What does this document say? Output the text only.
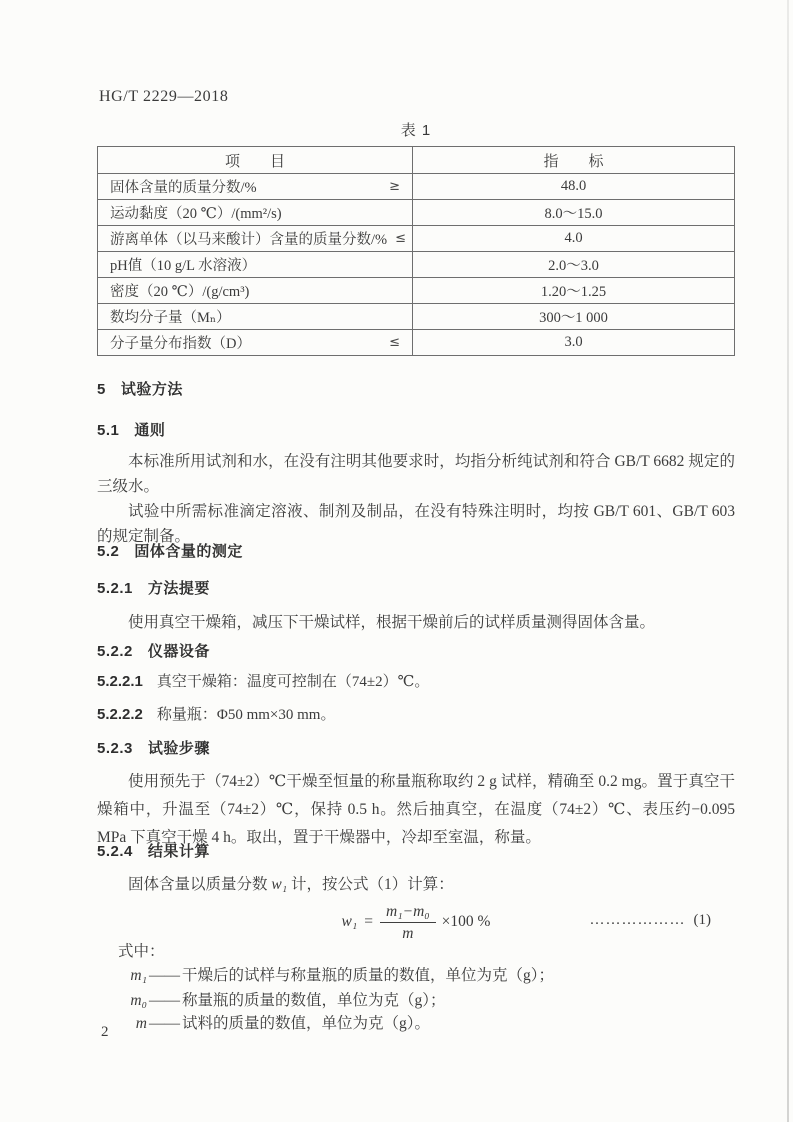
HG/T 2229—2018
表 1
项　　目	指　　标

固体含量的质量分数/% ≥	48.0

运动黏度（20 ℃）/(mm²/s)	8.0～15.0

游离单体（以马来酸计）含量的质量分数/% ≤	4.0

pH值（10 g/L 水溶液）	2.0～3.0

密度（20 ℃）/(g/cm³)	1.20～1.25

数均分子量（Mₙ）	300～1 000

分子量分布指数（D） ≤	3.0
5 试验方法
5.1 通则

本标准所用试剂和水，在没有注明其他要求时，均指分析纯试剂和符合 GB/T 6682 规定的三级水。

试验中所需标准滴定溶液、制剂及制品，在没有特殊注明时，均按 GB/T 601、GB/T 603 的规定制备。

5.2 固体含量的测定
5.2.1 方法提要

使用真空干燥箱，减压下干燥试样，根据干燥前后的试样质量测得固体含量。

5.2.2 仪器设备
5.2.2.1 真空干燥箱：温度可控制在（74±2）℃。
5.2.2.2 称量瓶：Φ50 mm×30 mm。
5.2.3 试验步骤

使用预先于（74±2）℃干燥至恒量的称量瓶称取约 2 g 试样，精确至 0.2 mg。置于真空干燥箱中，升温至（74±2）℃，保持 0.5 h。然后抽真空，在温度（74±2）℃、表压约−0.095 MPa 下真空干燥 4 h。取出，置于干燥器中，冷却至室温，称量。

5.2.4 结果计算

固体含量以质量分数 w₁ 计，按公式（1）计算：

$w_1 = \frac{\text{m₁−m₀}}{m} \times 100$ %	……………… (1)
式中：
m₁ —— 干燥后的试样与称量瓶的质量的数值，单位为克（g）；
m₀ —— 称量瓶的质量的数值，单位为克（g）；
m —— 试料的质量的数值，单位为克（g）。
2
